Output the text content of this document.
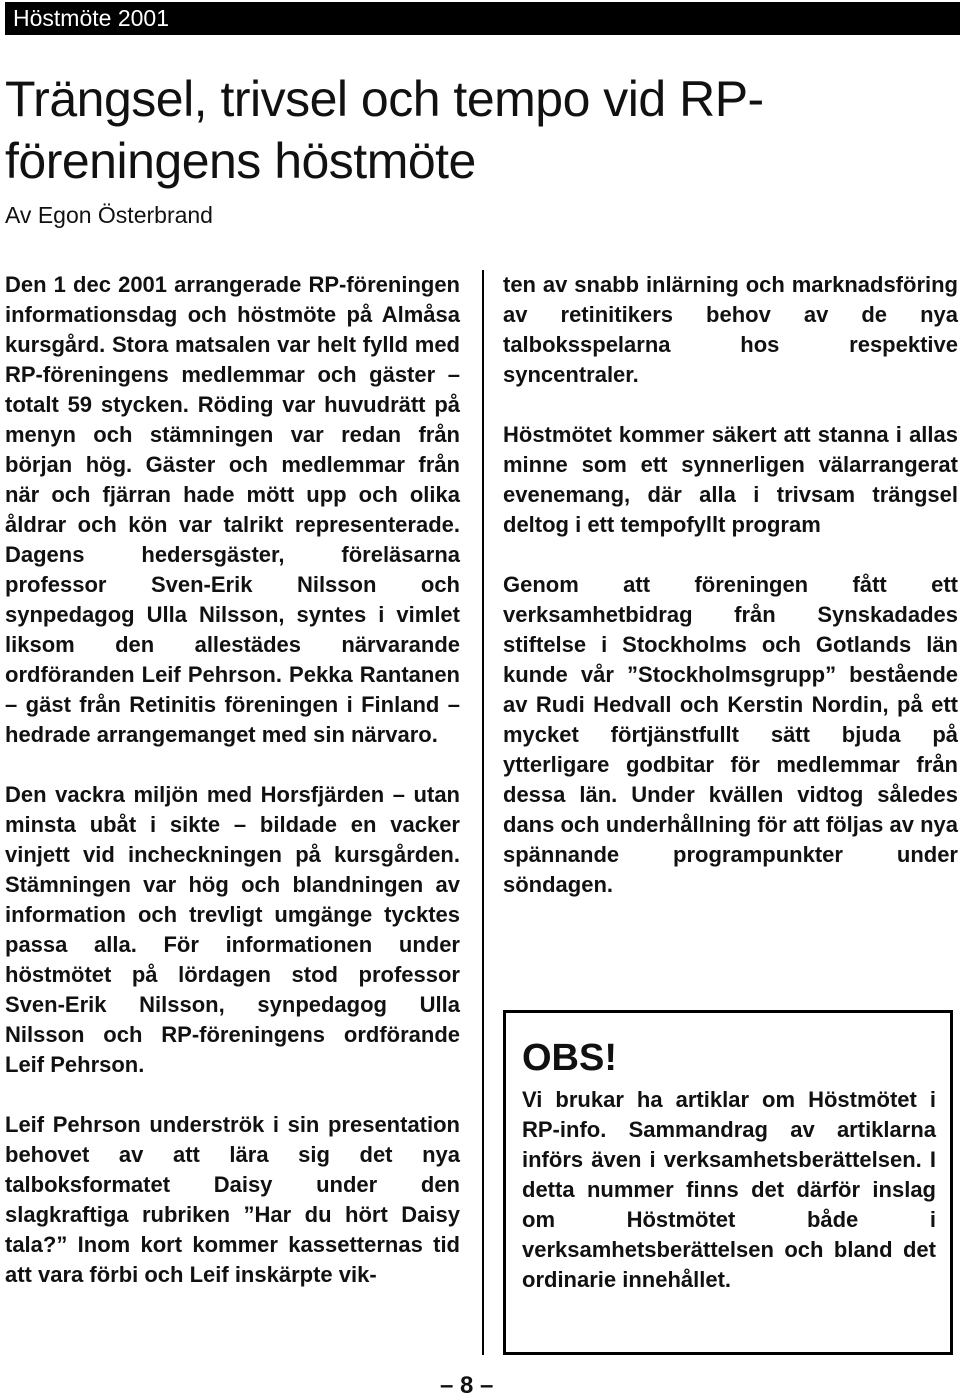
Höstmöte 2001
Trängsel, trivsel och tempo vid RP-föreningens höstmöte
Av Egon Österbrand

Den 1 dec 2001 arrangerade RP-föreningen informationsdag och höstmöte på Almåsa kursgård. Stora matsalen var helt fylld med RP-föreningens medlemmar och gäster – totalt 59 stycken. Röding var huvudrätt på menyn och stämningen var redan från början hög. Gäster och medlemmar från när och fjärran hade mött upp och olika åldrar och kön var talrikt representerade. Dagens hedersgäster, föreläsarna professor Sven-Erik Nilsson och synpedagog Ulla Nilsson, syntes i vimlet liksom den allestädes närvarande ordföranden Leif Pehrson. Pekka Rantanen – gäst från Retinitis föreningen i Finland – hedrade arrangemanget med sin närvaro.

Den vackra miljön med Horsfjärden – utan minsta ubåt i sikte – bildade en vacker vinjett vid incheckningen på kursgården. Stämningen var hög och blandningen av information och trevligt umgänge tycktes passa alla. För informationen under höstmötet på lördagen stod professor Sven-Erik Nilsson, synpedagog Ulla Nilsson och RP-föreningens ordförande Leif Pehrson.

Leif Pehrson underströk i sin presentation behovet av att lära sig det nya talboksformatet Daisy under den slagkraftiga rubriken ”Har du hört Daisy tala?” Inom kort kommer kassetternas tid att vara förbi och Leif inskärpte vik-

ten av snabb inlärning och marknadsföring av retinitikers behov av de nya talboksspelarna hos respektive syncentraler.

Höstmötet kommer säkert att stanna i allas minne som ett synnerligen välarrangerat evenemang, där alla i trivsam trängsel deltog i ett tempofyllt program

Genom att föreningen fått ett verksamhetbidrag från Synskadades stiftelse i Stockholms och Gotlands län kunde vår ”Stockholmsgrupp” bestående av Rudi Hedvall och Kerstin Nordin, på ett mycket förtjänstfullt sätt bjuda på ytterligare godbitar för medlemmar från dessa län. Under kvällen vidtog således dans och underhållning för att följas av nya spännande programpunkter under söndagen.

OBS!

Vi brukar ha artiklar om Höstmötet i RP-info. Sammandrag av artiklarna införs även i verksamhetsberättelsen. I detta nummer finns det därför inslag om Höstmötet både i verksamhetsberättelsen och bland det ordinarie innehållet.

– 8 –
